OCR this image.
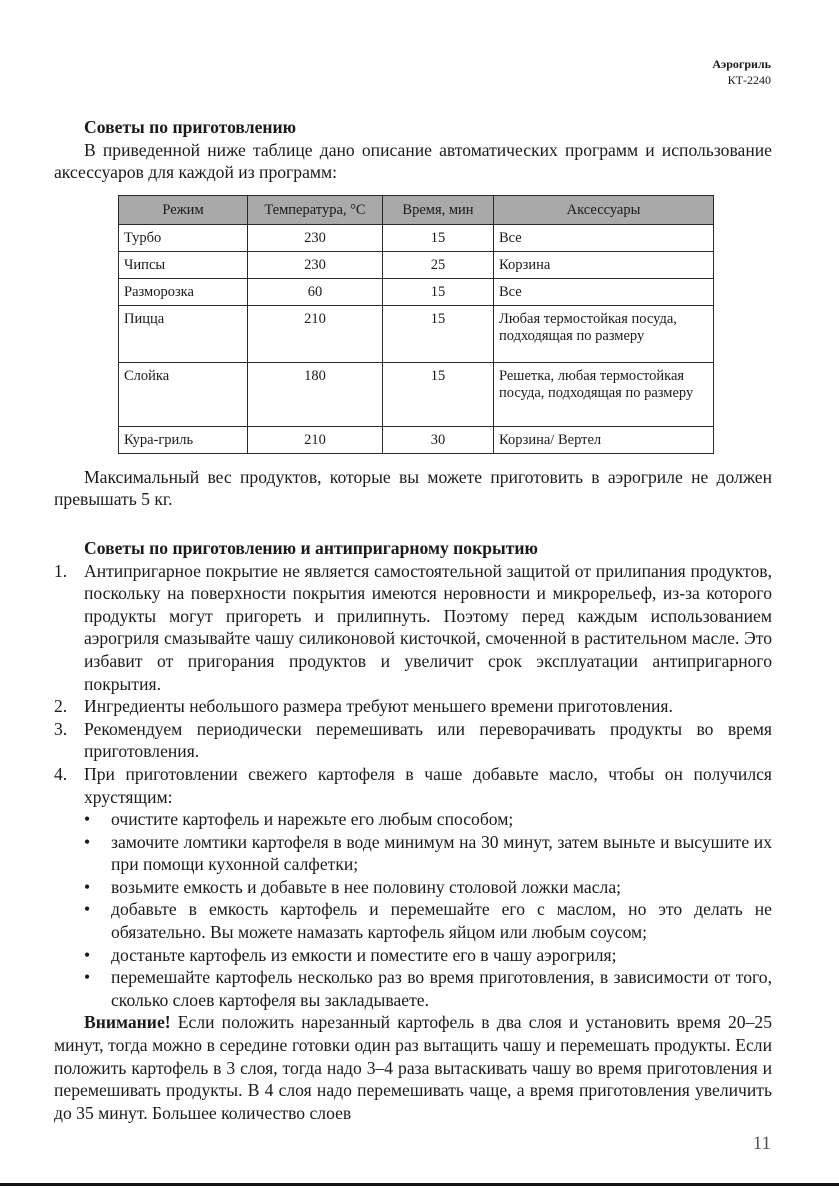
Аэрогриль
КТ-2240

Советы по приготовлению

В приведенной ниже таблице дано описание автоматических программ и использование аксессуаров для каждой из программ:

Режим	Температура, °С	Время, мин	Аксессуары
Турбо	230	15	Все
Чипсы	230	25	Корзина
Разморозка	60	15	Все
Пицца	210	15	Любая термостойкая посуда, подходящая по размеру
Слойка	180	15	Решетка, любая термостойкая посуда, подходящая по размеру
Кура-гриль	210	30	Корзина/ Вертел

Максимальный вес продуктов, которые вы можете приготовить в аэрогриле не должен превышать 5 кг.

Советы по приготовлению и антипригарному покрытию

1. Антипригарное покрытие не является самостоятельной защитой от прилипания продуктов, поскольку на поверхности покрытия имеются неровности и микрорельеф, из-за которого продукты могут пригореть и прилипнуть. Поэтому перед каждым использованием аэрогриля смазывайте чашу силиконовой кисточкой, смоченной в растительном масле. Это избавит от пригорания продуктов и увеличит срок эксплуатации антипригарного покрытия.
2. Ингредиенты небольшого размера требуют меньшего времени приготовления.
3. Рекомендуем периодически перемешивать или переворачивать продукты во время приготовления.
4. При приготовлении свежего картофеля в чаше добавьте масло, чтобы он получился хрустящим:
• очистите картофель и нарежьте его любым способом;
• замочите ломтики картофеля в воде минимум на 30 минут, затем выньте и высушите их при помощи кухонной салфетки;
• возьмите емкость и добавьте в нее половину столовой ложки масла;
• добавьте в емкость картофель и перемешайте его с маслом, но это делать не обязательно. Вы можете намазать картофель яйцом или любым соусом;
• достаньте картофель из емкости и поместите его в чашу аэрогриля;
• перемешайте картофель несколько раз во время приготовления, в зависимости от того, сколько слоев картофеля вы закладываете.

Внимание! Если положить нарезанный картофель в два слоя и установить время 20–25 минут, тогда можно в середине готовки один раз вытащить чашу и перемешать продукты. Если положить картофель в 3 слоя, тогда надо 3–4 раза вытаскивать чашу во время приготовления и перемешивать продукты. В 4 слоя надо перемешивать чаще, а время приготовления увеличить до 35 минут. Большее количество слоев

11
